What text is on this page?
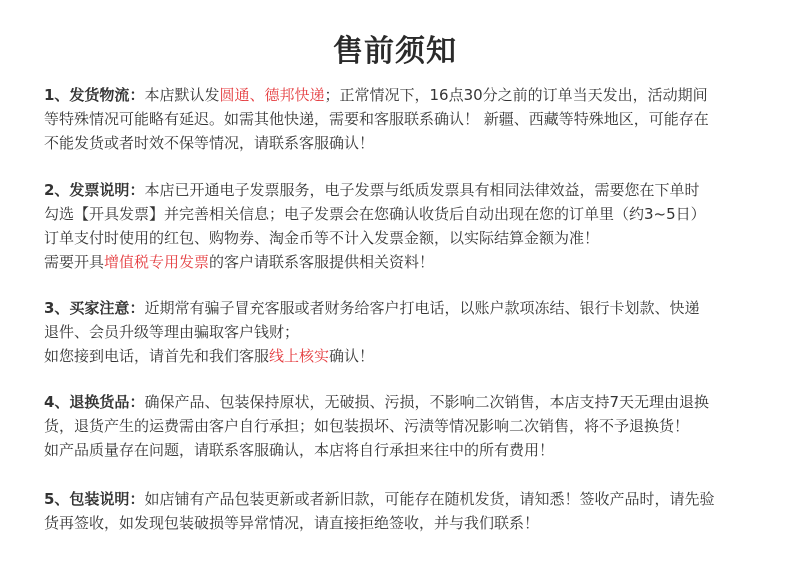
售前须知

1、发货物流：本店默认发圆通、德邦快递；正常情况下，16点30分之前的订单当天发出，活动期间

等特殊情况可能略有延迟。如需其他快递，需要和客服联系确认！ 新疆、西藏等特殊地区，可能存在

不能发货或者时效不保等情况，请联系客服确认！

2、发票说明：本店已开通电子发票服务，电子发票与纸质发票具有相同法律效益，需要您在下单时

勾选【开具发票】并完善相关信息；电子发票会在您确认收货后自动出现在您的订单里（约3~5日）

订单支付时使用的红包、购物券、淘金币等不计入发票金额，以实际结算金额为准！

需要开具增值税专用发票的客户请联系客服提供相关资料！

3、买家注意：近期常有骗子冒充客服或者财务给客户打电话，以账户款项冻结、银行卡划款、快递

退件、会员升级等理由骗取客户钱财；

如您接到电话，请首先和我们客服线上核实确认！

4、退换货品：确保产品、包装保持原状，无破损、污损，不影响二次销售，本店支持7天无理由退换

货，退货产生的运费需由客户自行承担；如包装损坏、污渍等情况影响二次销售，将不予退换货！

如产品质量存在问题，请联系客服确认，本店将自行承担来往中的所有费用！

5、包装说明：如店铺有产品包装更新或者新旧款，可能存在随机发货，请知悉！签收产品时，请先验

货再签收，如发现包装破损等异常情况，请直接拒绝签收，并与我们联系！
